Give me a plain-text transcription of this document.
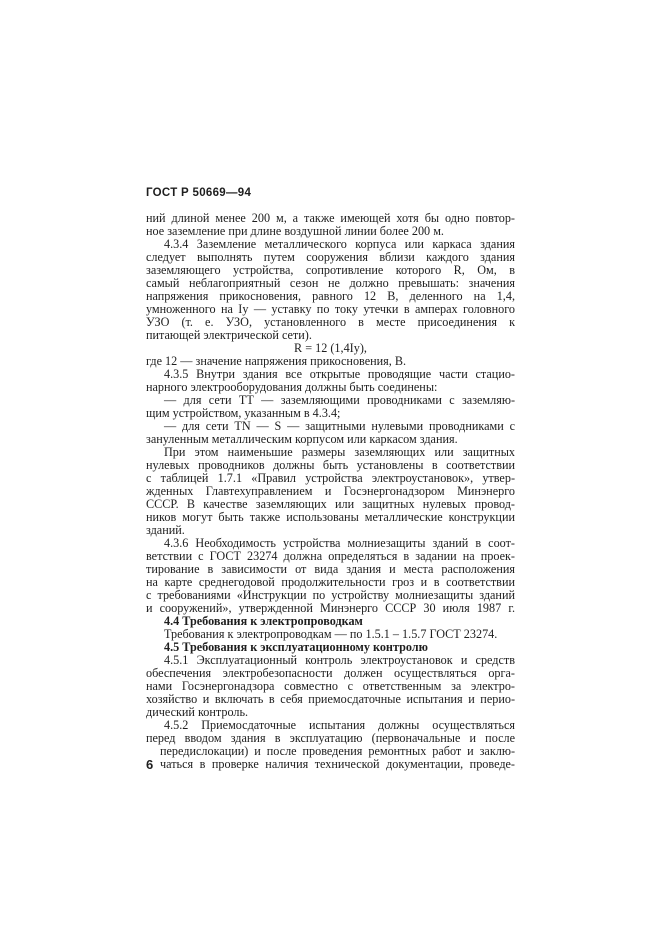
ГОСТ Р 50669—94
ний длиной менее 200 м, а также имеющей хотя бы одно повтор-
ное заземление при длине воздушной линии более 200 м.
4.3.4 Заземление металлического корпуса или каркаса здания
следует выполнять путем сооружения вблизи каждого здания
заземляющего устройства, сопротивление которого R, Ом, в
самый неблагоприятный сезон не должно превышать: значения
напряжения прикосновения, равного 12 В, деленного на 1,4,
умноженного на Iу — уставку по току утечки в амперах головного
УЗО (т. е. УЗО, установленного в месте присоединения к
питающей электрической сети).
R = 12 (1,4Iу),
где 12 — значение напряжения прикосновения, В.
4.3.5 Внутри здания все открытые проводящие части стацио-
нарного электрооборудования должны быть соединены:
— для сети ТТ — заземляющими проводниками с заземляю-
щим устройством, указанным в 4.3.4;
— для сети TN — S — защитными нулевыми проводниками с
зануленным металлическим корпусом или каркасом здания.
При этом наименьшие размеры заземляющих или защитных
нулевых проводников должны быть установлены в соответствии
с таблицей 1.7.1 «Правил устройства электроустановок», утвер-
жденных Главтехуправлением и Госэнергонадзором Минэнерго
СССР. В качестве заземляющих или защитных нулевых провод-
ников могут быть также использованы металлические конструкции
зданий.
4.3.6 Необходимость устройства молниезащиты зданий в соот-
ветствии с ГОСТ 23274 должна определяться в задании на проек-
тирование в зависимости от вида здания и места расположения
на карте среднегодовой продолжительности гроз и в соответствии
с требованиями «Инструкции по устройству молниезащиты зданий
и сооружений», утвержденной Минэнерго СССР 30 июля 1987 г.
4.4 Требования к электропроводкам
Требования к электропроводкам — по 1.5.1 – 1.5.7 ГОСТ 23274.
4.5 Требования к эксплуатационному контролю
4.5.1 Эксплуатационный контроль электроустановок и средств
обеспечения электробезопасности должен осуществляться орга-
нами Госэнергонадзора совместно с ответственным за электро-
хозяйство и включать в себя приемосдаточные испытания и перио-
дический контроль.
4.5.2 Приемосдаточные испытания должны осуществляться
перед вводом здания в эксплуатацию (первоначальные и после
передислокации) и после проведения ремонтных работ и заклю-
чаться в проверке наличия технической документации, проведе-
6
